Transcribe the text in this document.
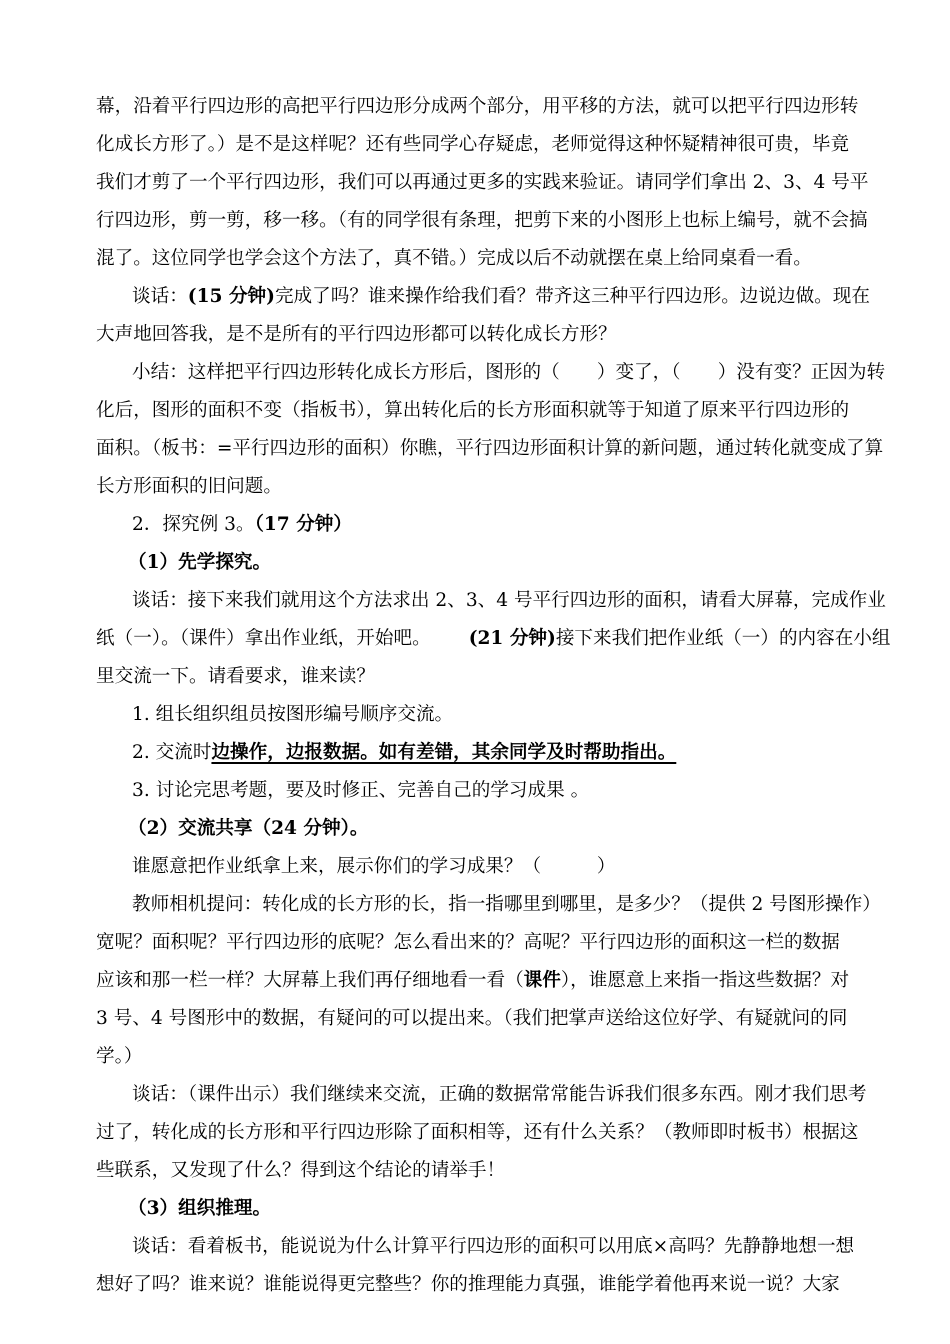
幕，沿着平行四边形的高把平行四边形分成两个部分，用平移的方法，就可以把平行四边形转
化成长方形了。）是不是这样呢？还有些同学心存疑虑，老师觉得这种怀疑精神很可贵，毕竟
我们才剪了一个平行四边形，我们可以再通过更多的实践来验证。请同学们拿出 2、3、4 号平
行四边形，剪一剪，移一移。（有的同学很有条理，把剪下来的小图形上也标上编号，就不会搞
混了。这位同学也学会这个方法了，真不错。）完成以后不动就摆在桌上给同桌看一看。
谈话：(15 分钟)完成了吗？谁来操作给我们看？带齐这三种平行四边形。边说边做。现在
大声地回答我，是不是所有的平行四边形都可以转化成长方形？
小结：这样把平行四边形转化成长方形后，图形的（　　）变了，（　　）没有变？正因为转
化后，图形的面积不变（指板书），算出转化后的长方形面积就等于知道了原来平行四边形的
面积。（板书：=平行四边形的面积）你瞧，平行四边形面积计算的新问题，通过转化就变成了算
长方形面积的旧问题。
2．探究例 3。（17 分钟）
（1）先学探究。
谈话：接下来我们就用这个方法求出 2、3、4 号平行四边形的面积，请看大屏幕，完成作业
纸（一）。（课件）拿出作业纸，开始吧。 (21 分钟)接下来我们把作业纸（一）的内容在小组
里交流一下。请看要求，谁来读？
1. 组长组织组员按图形编号顺序交流。
2. 交流时边操作，边报数据。如有差错，其余同学及时帮助指出。
3. 讨论完思考题，要及时修正、完善自己的学习成果 。
（2）交流共享（24 分钟）。
谁愿意把作业纸拿上来，展示你们的学习成果？（　　　）
教师相机提问：转化成的长方形的长，指一指哪里到哪里，是多少？（提供 2 号图形操作）
宽呢？面积呢？平行四边形的底呢？怎么看出来的？高呢？平行四边形的面积这一栏的数据
应该和那一栏一样？大屏幕上我们再仔细地看一看（课件），谁愿意上来指一指这些数据？对
3 号、4 号图形中的数据，有疑问的可以提出来。（我们把掌声送给这位好学、有疑就问的同
学。）
谈话：（课件出示）我们继续来交流，正确的数据常常能告诉我们很多东西。刚才我们思考
过了，转化成的长方形和平行四边形除了面积相等，还有什么关系？（教师即时板书）根据这
些联系，又发现了什么？得到这个结论的请举手！
（3）组织推理。
谈话：看着板书，能说说为什么计算平行四边形的面积可以用底×高吗？先静静地想一想
想好了吗？谁来说？谁能说得更完整些？你的推理能力真强，谁能学着他再来说一说？大家
